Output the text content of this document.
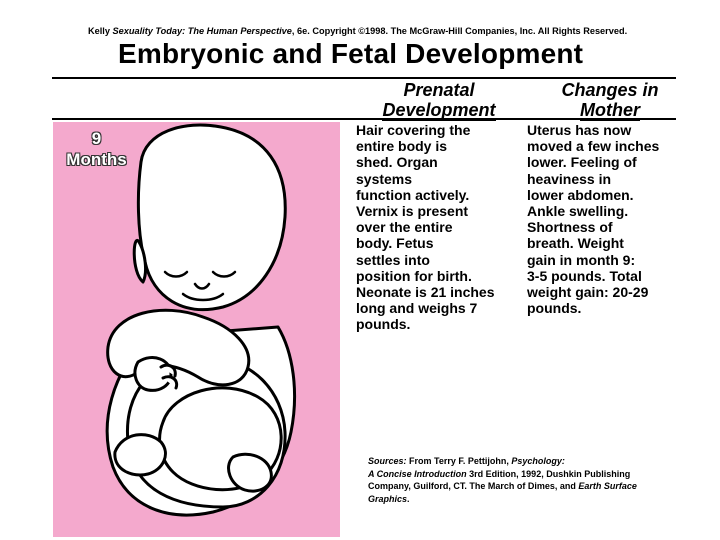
Kelly Sexuality Today: The Human Perspective, 6e. Copyright ©1998. The McGraw-Hill Companies, Inc. All Rights Reserved.
Embryonic and Fetal Development
Prenatal
Development
Changes in
Mother
9
Months
Hair covering the
entire body is
shed. Organ
systems
function actively.
Vernix is present
over the entire
body. Fetus
settles into
position for birth.
Neonate is 21 inches
long and weighs 7
pounds.
Uterus has now
moved a few inches
lower. Feeling of
heaviness in
lower abdomen.
Ankle swelling.
Shortness of
breath. Weight
gain in month 9:
3-5 pounds. Total
weight gain: 20-29
pounds.
Sources: From Terry F. Pettijohn, Psychology:
A Concise Introduction 3rd Edition, 1992, Dushkin Publishing Company, Guilford, CT. The March of Dimes, and Earth Surface Graphics.
